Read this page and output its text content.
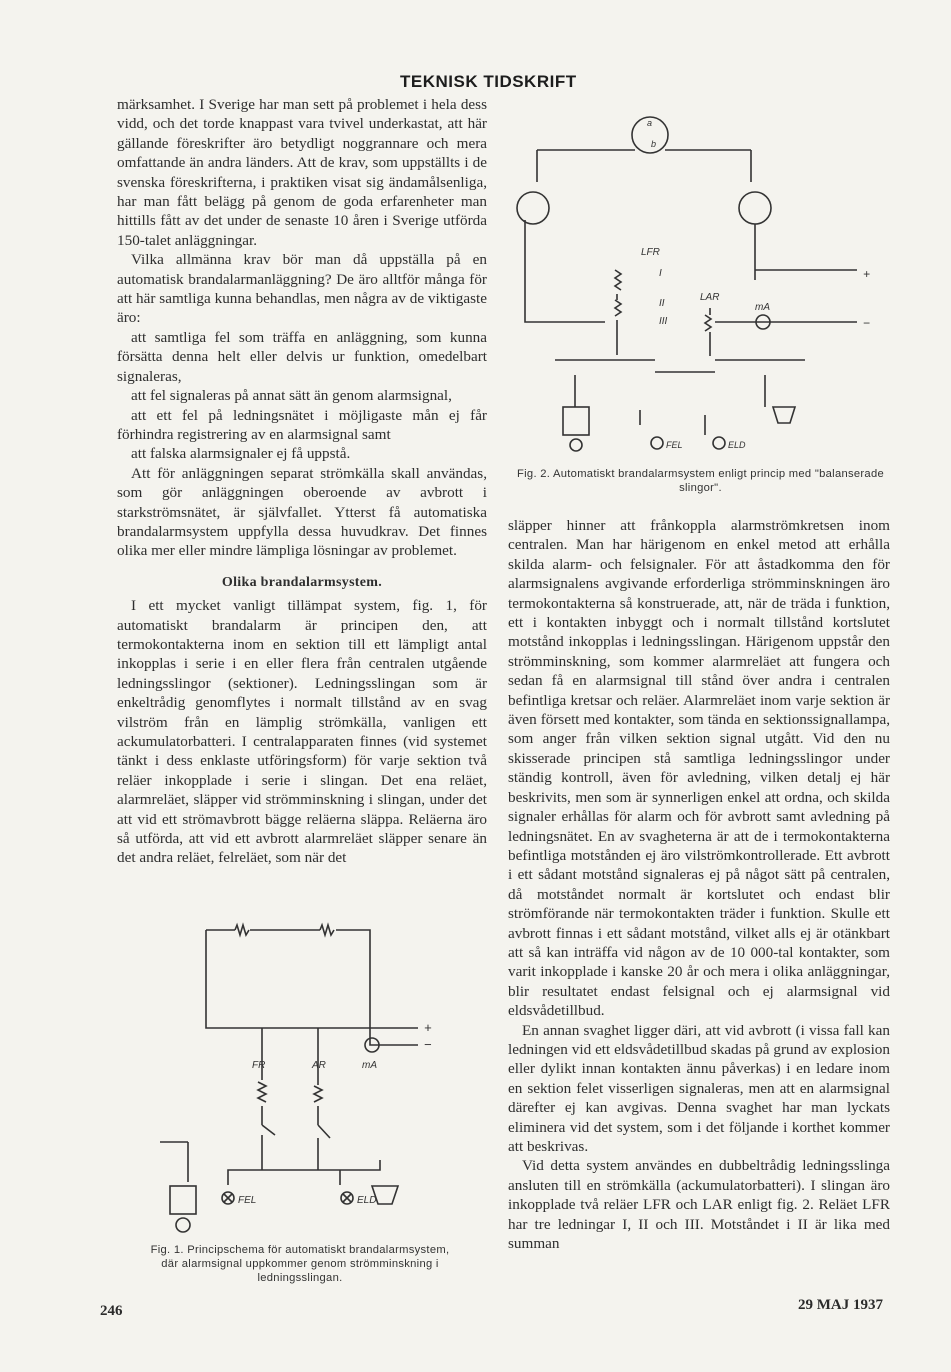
TEKNISK TIDSKRIFT

märksamhet. I Sverige har man sett på problemet i hela dess vidd, och det torde knappast vara tvivel underkastat, att här gällande föreskrifter äro betydligt noggrannare och mera omfattande än andra länders. Att de krav, som uppställts i de svenska föreskrifterna, i praktiken visat sig ändamålsenliga, har man fått belägg på genom de goda erfarenheter man hittills fått av det under de senaste 10 åren i Sverige utförda 150-talet anläggningar.

Vilka allmänna krav bör man då uppställa på en automatisk brandalarmanläggning? De äro alltför många för att här samtliga kunna behandlas, men några av de viktigaste äro:

att samtliga fel som träffa en anläggning, som kunna försätta denna helt eller delvis ur funktion, omedelbart signaleras,

att fel signaleras på annat sätt än genom alarmsignal,

att ett fel på ledningsnätet i möjligaste mån ej får förhindra registrering av en alarmsignal samt

att falska alarmsignaler ej få uppstå.

Att för anläggningen separat strömkälla skall användas, som gör anläggningen oberoende av avbrott i starkströmsnätet, är självfallet. Ytterst få automatiska brandalarmsystem uppfylla dessa huvudkrav. Det finnes olika mer eller mindre lämpliga lösningar av problemet.

Olika brandalarmsystem.

I ett mycket vanligt tillämpat system, fig. 1, för automatiskt brandalarm är principen den, att termokontakterna inom en sektion till ett lämpligt antal inkopplas i serie i en eller flera från centralen utgående ledningsslingor (sektioner). Ledningsslingan som är enkeltrådig genomflytes i normalt tillstånd av en svag vilström från en lämplig strömkälla, vanligen ett ackumulatorbatteri. I centralapparaten finnes (vid systemet tänkt i dess enklaste utföringsform) för varje sektion två reläer inkopplade i serie i slingan. Det ena reläet, alarmreläet, släpper vid strömminskning i slingan, under det att vid ett strömavbrott bägge reläerna släppa. Reläerna äro så utförda, att vid ett avbrott alarmreläet släpper senare än det andra reläet, felreläet, som när det

släpper hinner att frånkoppla alarmströmkretsen inom centralen. Man har härigenom en enkel metod att erhålla skilda alarm- och felsignaler. För att åstadkomma den för alarmsignalens avgivande erforderliga strömminskningen äro termokontakterna så konstruerade, att, när de träda i funktion, ett i kontakten inbyggt och i normalt tillstånd kortslutet motstånd inkopplas i ledningsslingan. Härigenom uppstår den strömminskning, som kommer alarmreläet att fungera och sedan få en alarmsignal till stånd över andra i centralen befintliga kretsar och reläer. Alarmreläet inom varje sektion är även försett med kontakter, som tända en sektionssignallampa, som anger från vilken sektion signal utgått. Vid den nu skisserade principen stå samtliga ledningsslingor under ständig kontroll, även för avledning, vilken detalj ej här beskrivits, men som är synnerligen enkel att ordna, och skilda signaler erhållas för alarm och för avbrott samt avledning på ledningsnätet. En av svagheterna är att de i termokontakterna befintliga motstånden ej äro vilströmkontrollerade. Ett avbrott i ett sådant motstånd signaleras ej på något sätt på centralen, då motståndet normalt är kortslutet och endast blir strömförande när termokontakten träder i funktion. Skulle ett avbrott finnas i ett sådant motstånd, vilket alls ej är otänkbart att så kan inträffa vid någon av de 10 000-tal kontakter, som varit inkopplade i kanske 20 år och mera i olika anläggningar, blir resultatet endast felsignal och ej alarmsignal vid eldsvådetillbud.

En annan svaghet ligger däri, att vid avbrott (i vissa fall kan ledningen vid ett eldsvådetillbud skadas på grund av explosion eller dylikt innan kontakten ännu påverkas) i en ledare inom en sektion felet visserligen signaleras, men att en alarmsignal därefter ej kan avgivas. Denna svaghet har man lyckats eliminera vid det system, som i det följande i korthet kommer att beskrivas.

Vid detta system användes en dubbeltrådig ledningsslinga ansluten till en strömkälla (ackumulatorbatteri). I slingan äro inkopplade två reläer LFR och LAR enligt fig. 2. Reläet LFR har tre ledningar I, II och III. Motståndet i II är lika med summan

FR	AR	mA
FEL	ELD
+
−
Fig. 1. Principschema för automatiskt brandalarmsystem, där alarmsignal uppkommer genom strömminskning i ledningsslingan.
a
b
LFR
I
II
III
LAR
mA
FEL	ELD
+
−
Fig. 2. Automatiskt brandalarmsystem enligt princip med "balanserade slingor".
246	29 MAJ 1937
